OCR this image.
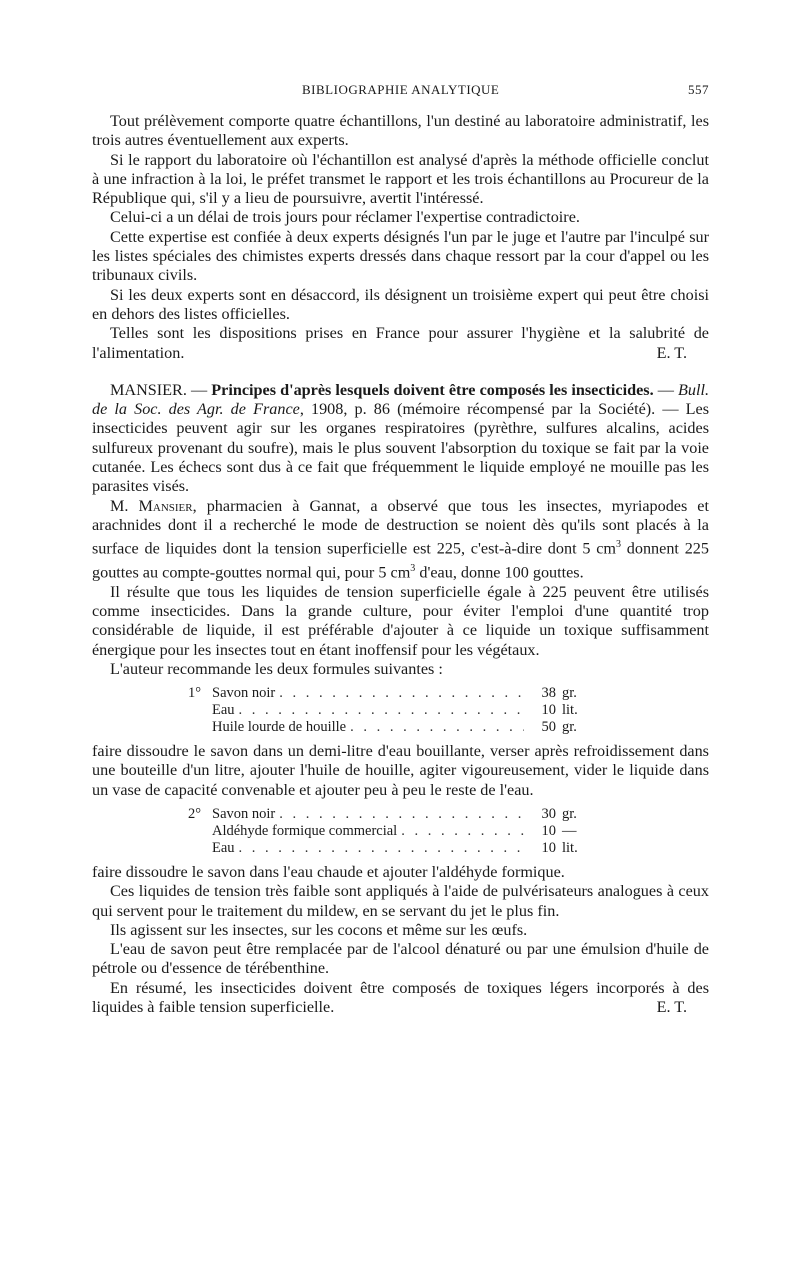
BIBLIOGRAPHIE ANALYTIQUE	557

Tout prélèvement comporte quatre échantillons, l'un destiné au laboratoire administratif, les trois autres éventuellement aux experts.

Si le rapport du laboratoire où l'échantillon est analysé d'après la méthode officielle conclut à une infraction à la loi, le préfet transmet le rapport et les trois échantillons au Procureur de la République qui, s'il y a lieu de poursuivre, avertit l'intéressé.

Celui-ci a un délai de trois jours pour réclamer l'expertise contradictoire.

Cette expertise est confiée à deux experts désignés l'un par le juge et l'autre par l'inculpé sur les listes spéciales des chimistes experts dressés dans chaque ressort par la cour d'appel ou les tribunaux civils.

Si les deux experts sont en désaccord, ils désignent un troisième expert qui peut être choisi en dehors des listes officielles.

Telles sont les dispositions prises en France pour assurer l'hygiène et la salubrité de l'alimentation.	E. T.

MANSIER. — Principes d'après lesquels doivent être composés les insecticides. — Bull. de la Soc. des Agr. de France, 1908, p. 86 (mémoire récompensé par la Société). — Les insecticides peuvent agir sur les organes respiratoires (pyrèthre, sulfures alcalins, acides sulfureux provenant du soufre), mais le plus souvent l'absorption du toxique se fait par la voie cutanée. Les échecs sont dus à ce fait que fréquemment le liquide employé ne mouille pas les parasites visés.

M. Mansier, pharmacien à Gannat, a observé que tous les insectes, myriapodes et arachnides dont il a recherché le mode de destruction se noient dès qu'ils sont placés à la surface de liquides dont la tension superficielle est 225, c'est-à-dire dont 5 $cm^3$ donnent 225 gouttes au compte-gouttes normal qui, pour 5 $cm^3$ d'eau, donne 100 gouttes.

Il résulte que tous les liquides de tension superficielle égale à 225 peuvent être utilisés comme insecticides. Dans la grande culture, pour éviter l'emploi d'une quantité trop considérable de liquide, il est préférable d'ajouter à ce liquide un toxique suffisamment énergique pour les insectes tout en étant inoffensif pour les végétaux.

L'auteur recommande les deux formules suivantes :

1° Savon noir . . .	38 gr.
Eau . . .	10 lit.
Huile lourde de houille . . .	50 gr.

faire dissoudre le savon dans un demi-litre d'eau bouillante, verser après refroidissement dans une bouteille d'un litre, ajouter l'huile de houille, agiter vigoureusement, vider le liquide dans un vase de capacité convenable et ajouter peu à peu le reste de l'eau.

2° Savon noir . . .	30 gr.
Aldéhyde formique commercial . . .	10 —
Eau . . .	10 lit.

faire dissoudre le savon dans l'eau chaude et ajouter l'aldéhyde formique.

Ces liquides de tension très faible sont appliqués à l'aide de pulvérisateurs analogues à ceux qui servent pour le traitement du mildew, en se servant du jet le plus fin.

Ils agissent sur les insectes, sur les cocons et même sur les œufs.

L'eau de savon peut être remplacée par de l'alcool dénaturé ou par une émulsion d'huile de pétrole ou d'essence de térébenthine.

En résumé, les insecticides doivent être composés de toxiques légers incorporés à des liquides à faible tension superficielle.	E. T.
